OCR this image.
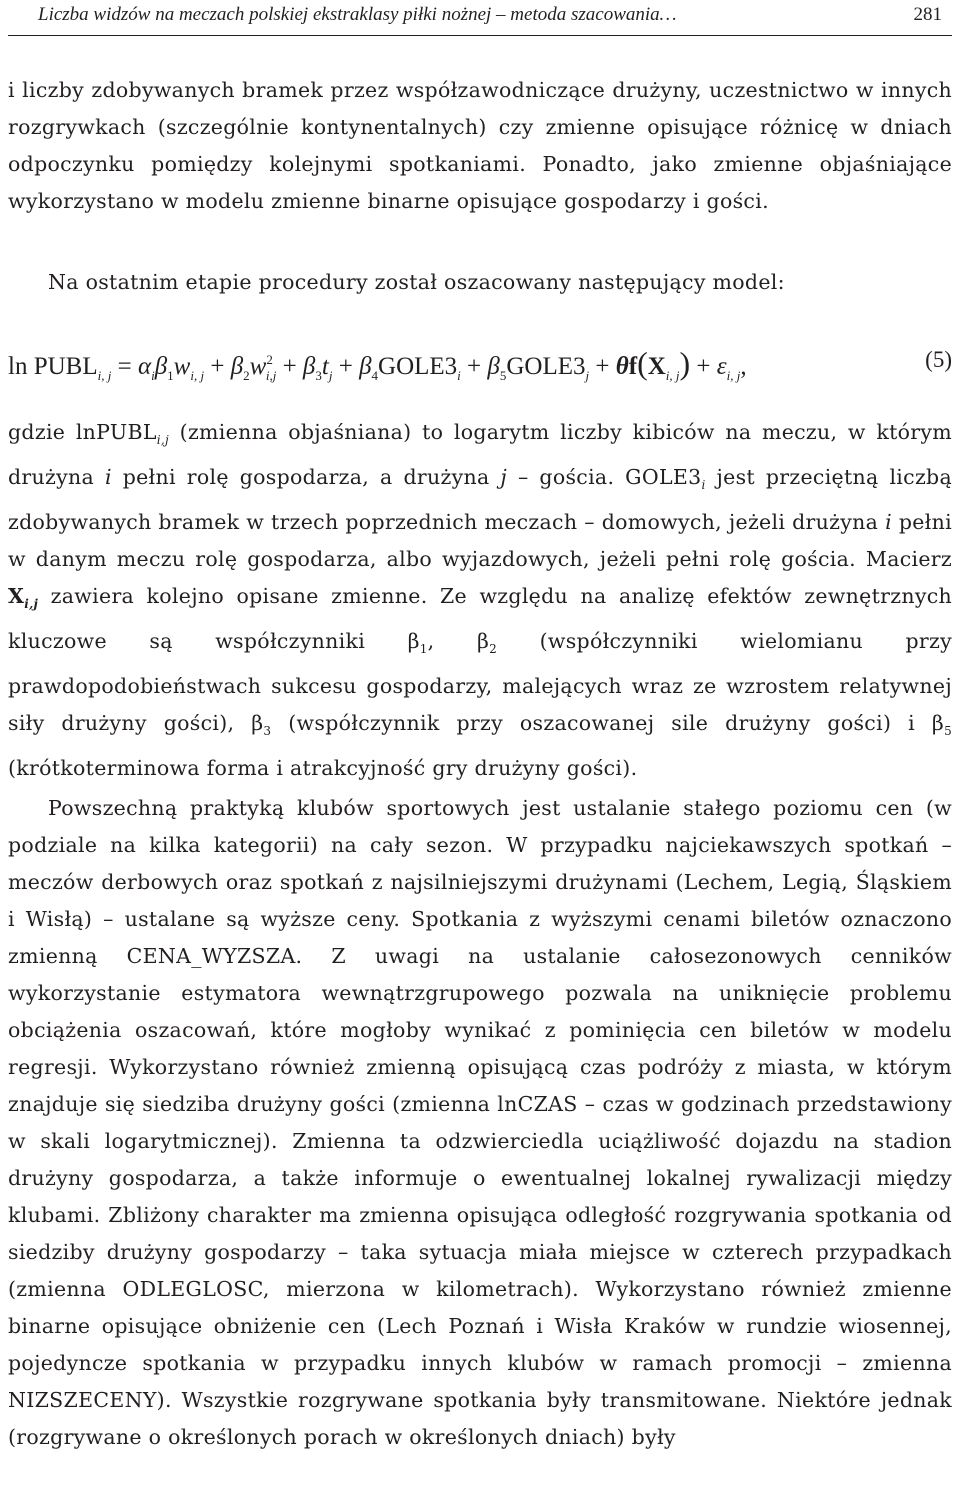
Liczba widzów na meczach polskiej ekstraklasy piłki nożnej – metoda szacowania…	281
i liczby zdobywanych bramek przez współzawodniczące drużyny, uczestnictwo w innych rozgrywkach (szczególnie kontynentalnych) czy zmienne opisujące różnicę w dniach odpoczynku pomiędzy kolejnymi spotkaniami. Ponadto, jako zmienne objaśniające wykorzystano w modelu zmienne binarne opisujące gospodarzy i gości.
Na ostatnim etapie procedury został oszacowany następujący model:
$\ln PUBL_{i, j} = \alpha_i\beta_1w_{i, j} + \beta_2w^2_{i,j} + \beta_3t_j$ + $\beta_4GOLE3_i$ + $\beta_5GOLE3_j + \theta f(X_{i, j}) + \varepsilon_{i, j}$,	(5)
gdzie lnPUBL$_{i,j}$ (zmienna objaśniana) to logarytm liczby kibiców na meczu, w którym drużyna i pełni rolę gospodarza, a drużyna j – gościa. $GOLE3_i$ jest przeciętną liczbą zdobywanych bramek w trzech poprzednich meczach – domowych, jeżeli drużyna i pełni w danym meczu rolę gospodarza, albo wyjazdowych, jeżeli pełni rolę gościa. Macierz $X_{i,j}$ zawiera kolejno opisane zmienne. Ze względu na analizę efektów zewnętrznych kluczowe są współczynniki $\beta_1$, $\beta_2$ (współczynniki wielomianu przy prawdopodobieństwach sukcesu gospodarzy, malejących wraz ze wzrostem relatywnej siły drużyny gości), $\beta_3$ (współczynnik przy oszacowanej sile drużyny gości) i $\beta_5$ (krótkoterminowa forma i atrakcyjność gry drużyny gości).
Powszechną praktyką klubów sportowych jest ustalanie stałego poziomu cen (w podziale na kilka kategorii) na cały sezon. W przypadku najciekawszych spotkań – meczów derbowych oraz spotkań z najsilniejszymi drużynami (Lechem, Legią, Śląskiem i Wisłą) – ustalane są wyższe ceny. Spotkania z wyższymi cenami biletów oznaczono zmienną CENA_WYZSZA. Z uwagi na ustalanie całosezonowych cenników wykorzystanie estymatora wewnątrzgrupowego pozwala na uniknięcie problemu obciążenia oszacowań, które mogłoby wynikać z pominięcia cen biletów w modelu regresji. Wykorzystano również zmienną opisującą czas podróży z miasta, w którym znajduje się siedziba drużyny gości (zmienna lnCZAS – czas w godzinach przedstawiony w skali logarytmicznej). Zmienna ta odzwierciedla uciążliwość dojazdu na stadion drużyny gospodarza, a także informuje o ewentualnej lokalnej rywalizacji między klubami. Zbliżony charakter ma zmienna opisująca odległość rozgrywania spotkania od siedziby drużyny gospodarzy – taka sytuacja miała miejsce w czterech przypadkach (zmienna ODLEGLOSC, mierzona w kilometrach). Wykorzystano również zmienne binarne opisujące obniżenie cen (Lech Poznań i Wisła Kraków w rundzie wiosennej, pojedyncze spotkania w przypadku innych klubów w ramach promocji – zmienna NIZSZECENY). Wszystkie rozgrywane spotkania były transmitowane. Niektóre jednak (rozgrywane o określonych porach w określonych dniach) były
